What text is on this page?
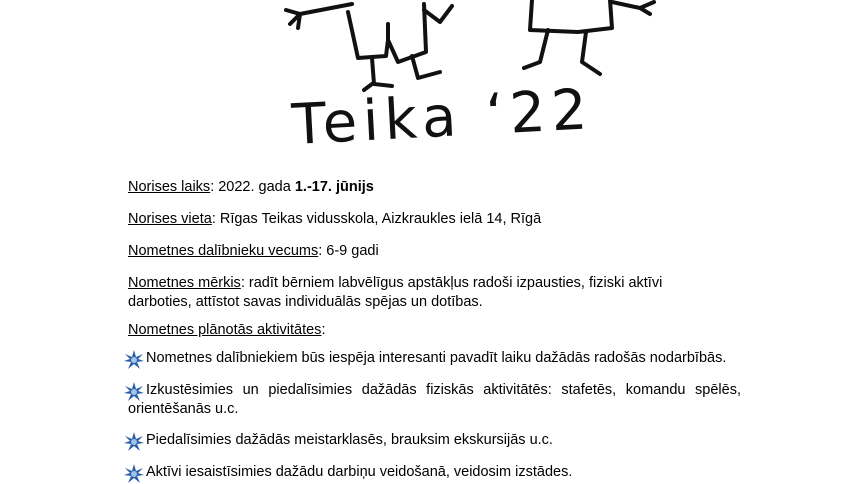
Teika ‘22

Norises laiks: 2022. gada 1.-17. jūnijs

Norises vieta: Rīgas Teikas vidusskola, Aizkraukles ielā 14, Rīgā

Nometnes dalībnieku vecums: 6-9 gadi

Nometnes mērkis: radīt bērniem labvēlīgus apstākļus radoši izpausties, fiziski aktīvi darboties, attīstot savas individuālās spējas un dotības.

Nometnes plānotās aktivitātes:

Nometnes dalībniekiem būs iespēja interesanti pavadīt laiku dažādās radošās nodarbībās.

Izkustēsimies un piedalīsimies dažādās fiziskās aktivitātēs: stafetēs, komandu spēlēs,
orientēšanās u.c.

Piedalīsimies dažādās meistarklasēs, brauksim ekskursijās u.c.

Aktīvi iesaistīsimies dažādu darbiņu veidošanā, veidosim izstādes.
